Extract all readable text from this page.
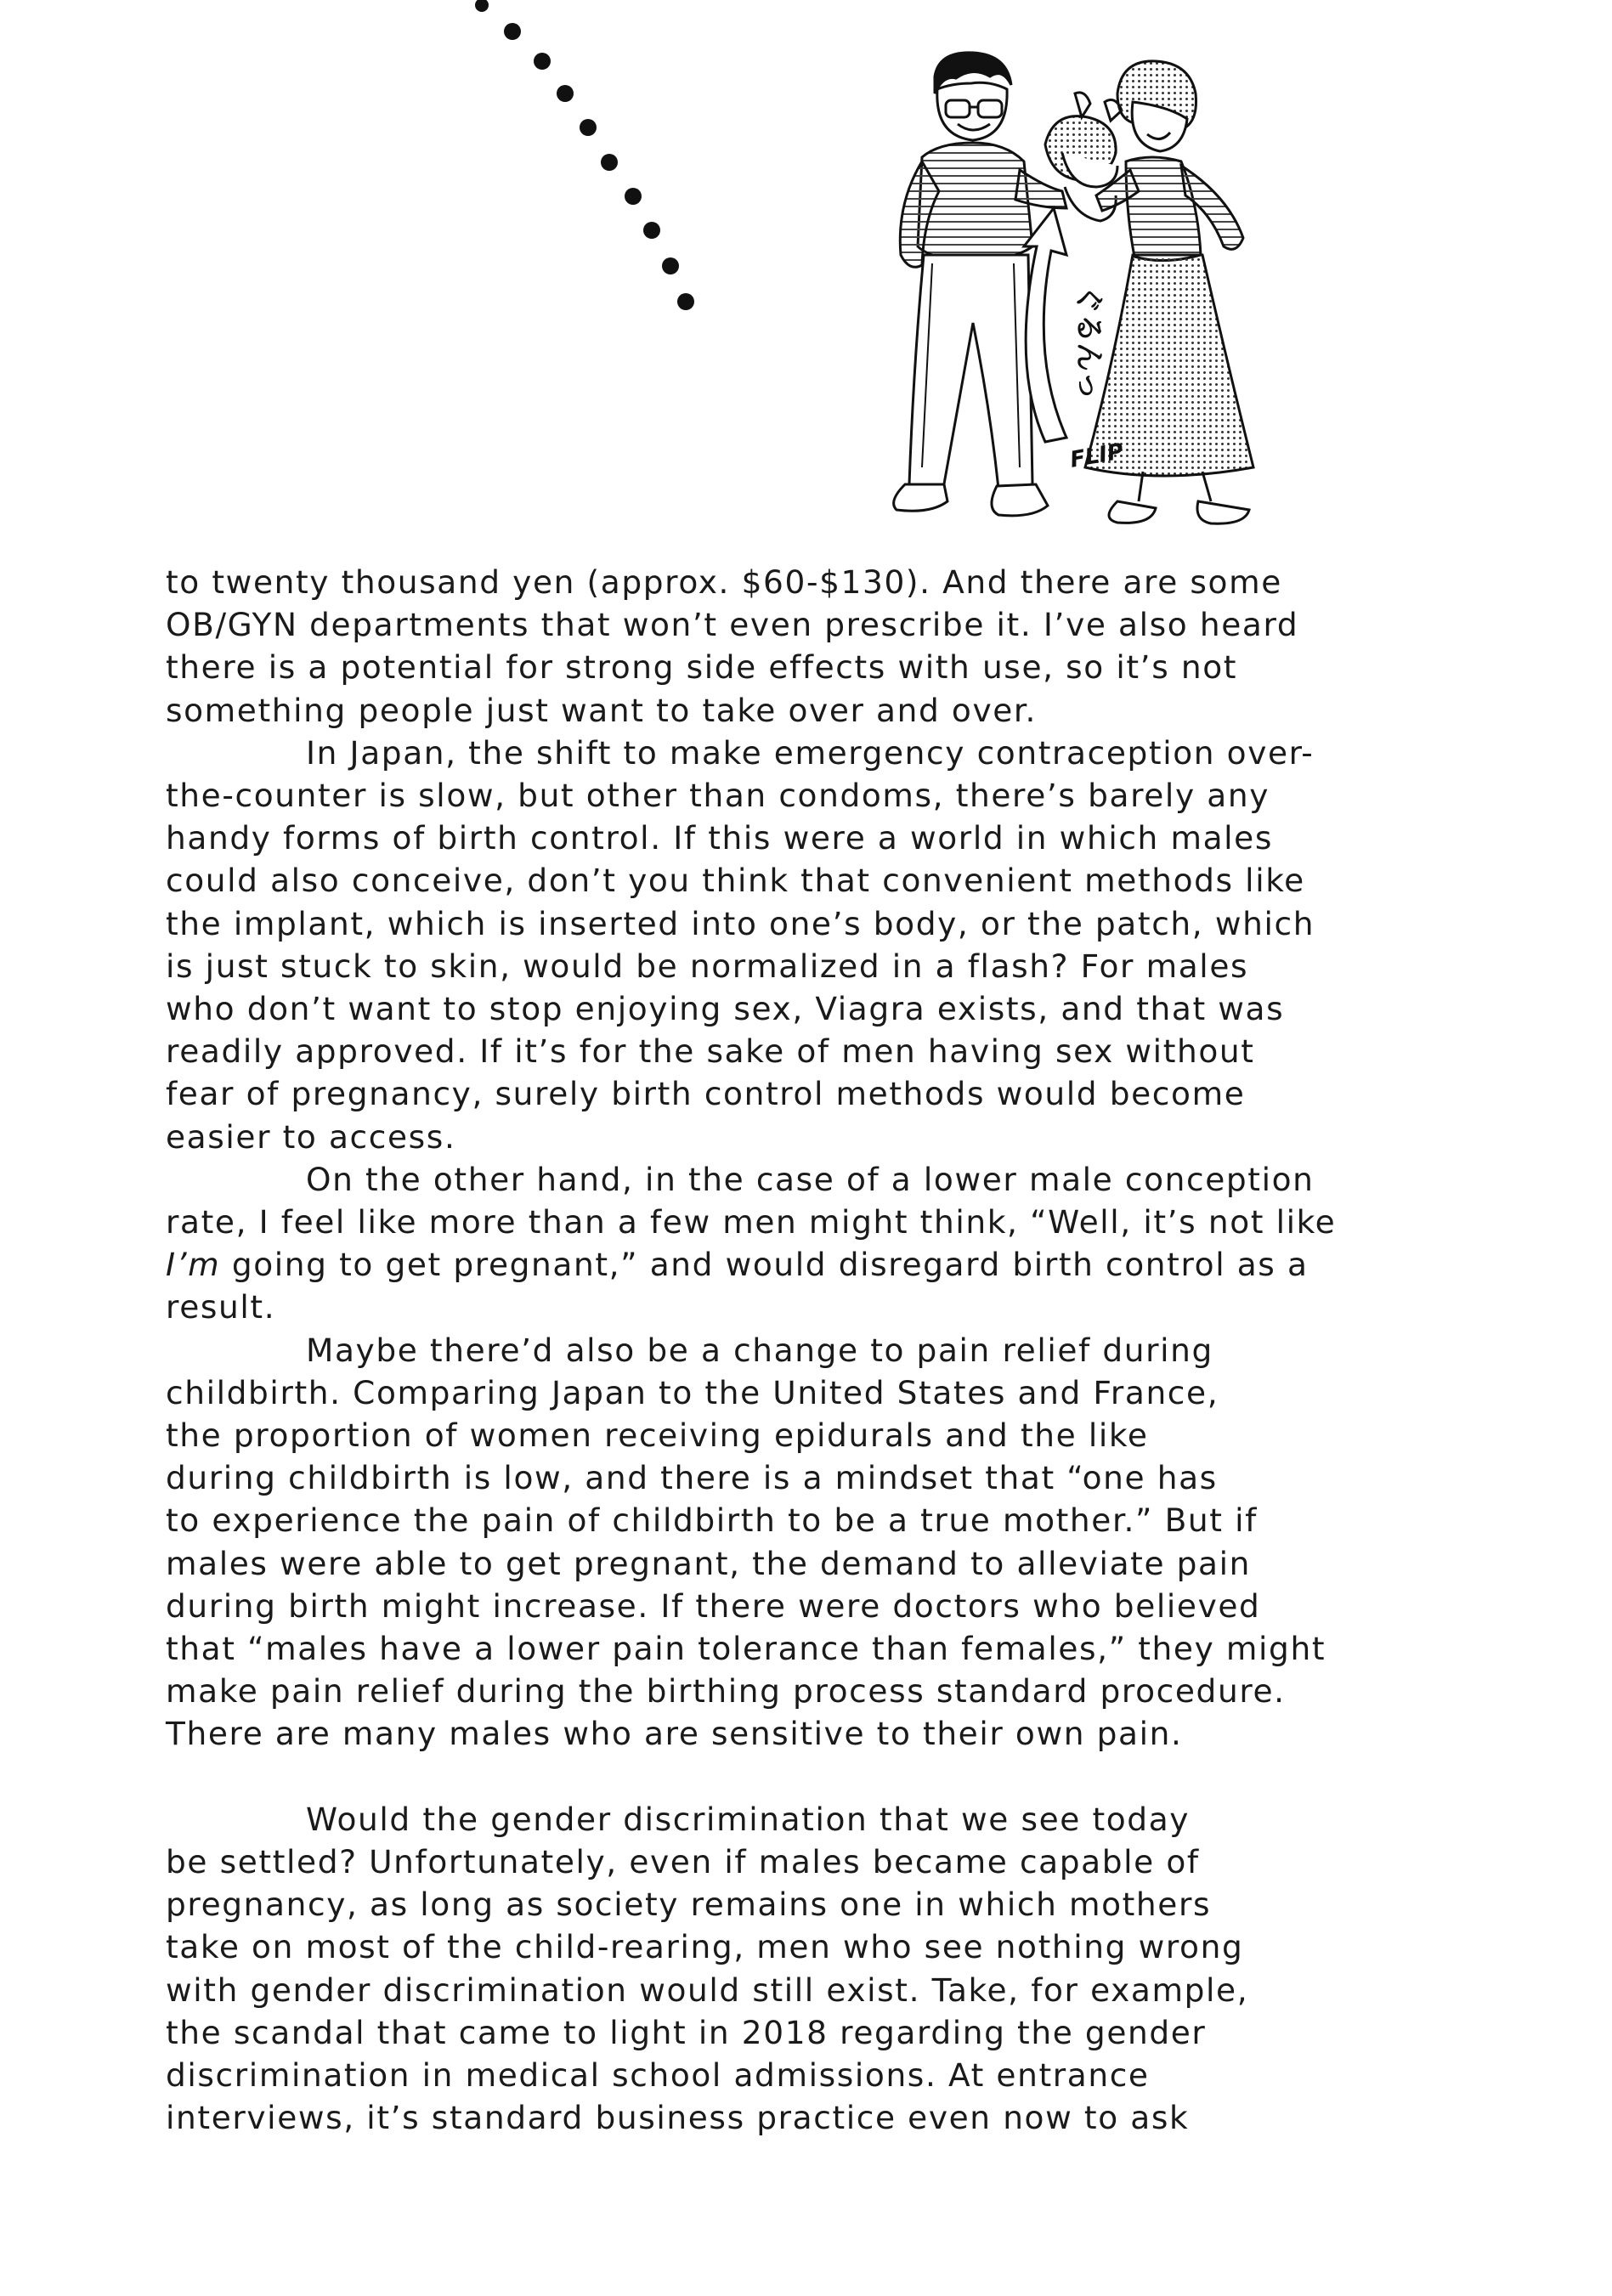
ぐるんっ
FLIP

to twenty thousand yen (approx. $60-$130). And there are some
OB/GYN departments that won’t even prescribe it. I’ve also heard
there is a potential for strong side effects with use, so it’s not
something people just want to take over and over.

In Japan, the shift to make emergency contraception over-
the-counter is slow, but other than condoms, there’s barely any
handy forms of birth control. If this were a world in which males
could also conceive, don’t you think that convenient methods like
the implant, which is inserted into one’s body, or the patch, which
is just stuck to skin, would be normalized in a flash? For males
who don’t want to stop enjoying sex, Viagra exists, and that was
readily approved. If it’s for the sake of men having sex without
fear of pregnancy, surely birth control methods would become
easier to access.

On the other hand, in the case of a lower male conception
rate, I feel like more than a few men might think, “Well, it’s not like
I’m going to get pregnant,” and would disregard birth control as a
result.

Maybe there’d also be a change to pain relief during
childbirth. Comparing Japan to the United States and France,
the proportion of women receiving epidurals and the like
during childbirth is low, and there is a mindset that “one has
to experience the pain of childbirth to be a true mother.” But if
males were able to get pregnant, the demand to alleviate pain
during birth might increase. If there were doctors who believed
that “males have a lower pain tolerance than females,” they might
make pain relief during the birthing process standard procedure.
There are many males who are sensitive to their own pain.

Would the gender discrimination that we see today
be settled? Unfortunately, even if males became capable of
pregnancy, as long as society remains one in which mothers
take on most of the child-rearing, men who see nothing wrong
with gender discrimination would still exist. Take, for example,
the scandal that came to light in 2018 regarding the gender
discrimination in medical school admissions. At entrance
interviews, it’s standard business practice even now to ask
